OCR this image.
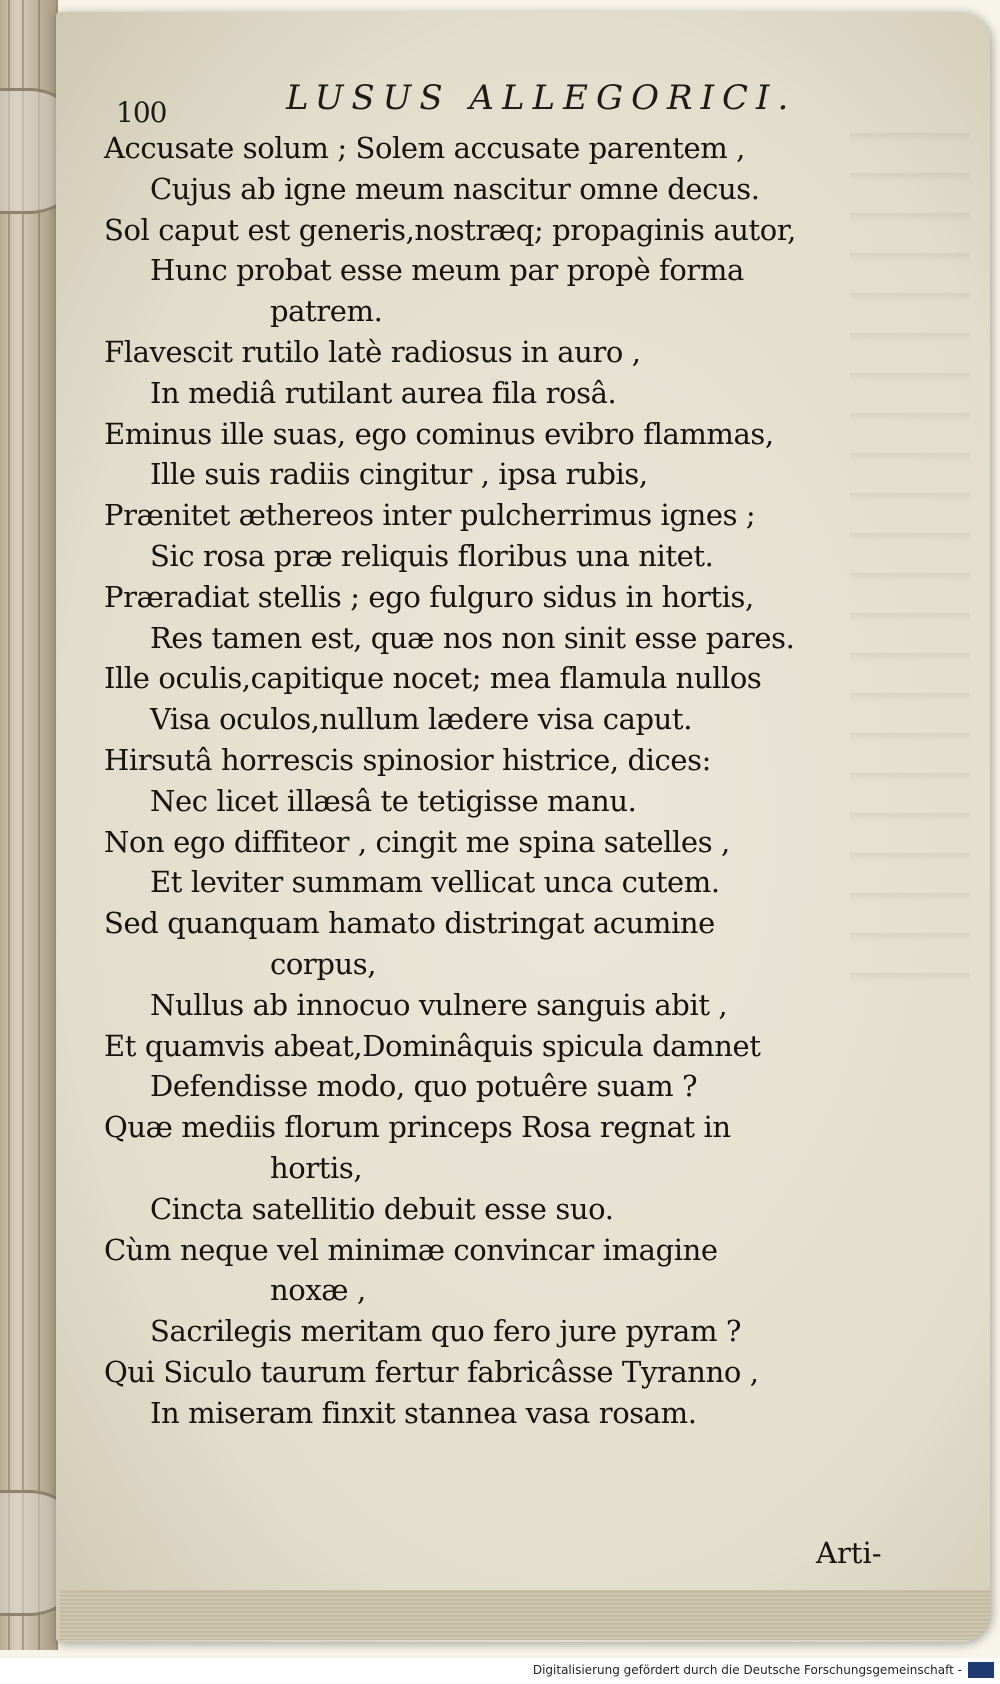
100	LUSUS ALLEGORICI.
Accusate solum ; Solem accusate parentem ,
Cujus ab igne meum nascitur omne decus.
Sol caput est generis,nostræq; propaginis autor,
Hunc probat esse meum par propè forma
patrem.
Flavescit rutilo latè radiosus in auro ,
In mediâ rutilant aurea fila rosâ.
Eminus ille suas, ego cominus evibro flammas,
Ille suis radiis cingitur , ipsa rubis,
Prænitet æthereos inter pulcherrimus ignes ;
Sic rosa præ reliquis floribus una nitet.
Præradiat stellis ; ego fulguro sidus in hortis,
Res tamen est, quæ nos non sinit esse pares.
Ille oculis,capitique nocet; mea flamula nullos
Visa oculos,nullum lædere visa caput.
Hirsutâ horrescis spinosior histrice, dices:
Nec licet illæsâ te tetigisse manu.
Non ego diffiteor , cingit me spina satelles ,
Et leviter summam vellicat unca cutem.
Sed quanquam hamato distringat acumine
corpus,
Nullus ab innocuo vulnere sanguis abit ,
Et quamvis abeat,Dominâquis spicula damnet
Defendisse modo, quo potuêre suam ?
Quæ mediis florum princeps Rosa regnat in
hortis,
Cincta satellitio debuit esse suo.
Cùm neque vel minimæ convincar imagine
noxæ ,
Sacrilegis meritam quo fero jure pyram ?
Qui Siculo taurum fertur fabricâsse Tyranno ,
In miseram finxit stannea vasa rosam.
Arti-
Digitalisierung gefördert durch die Deutsche Forschungsgemeinschaft -
